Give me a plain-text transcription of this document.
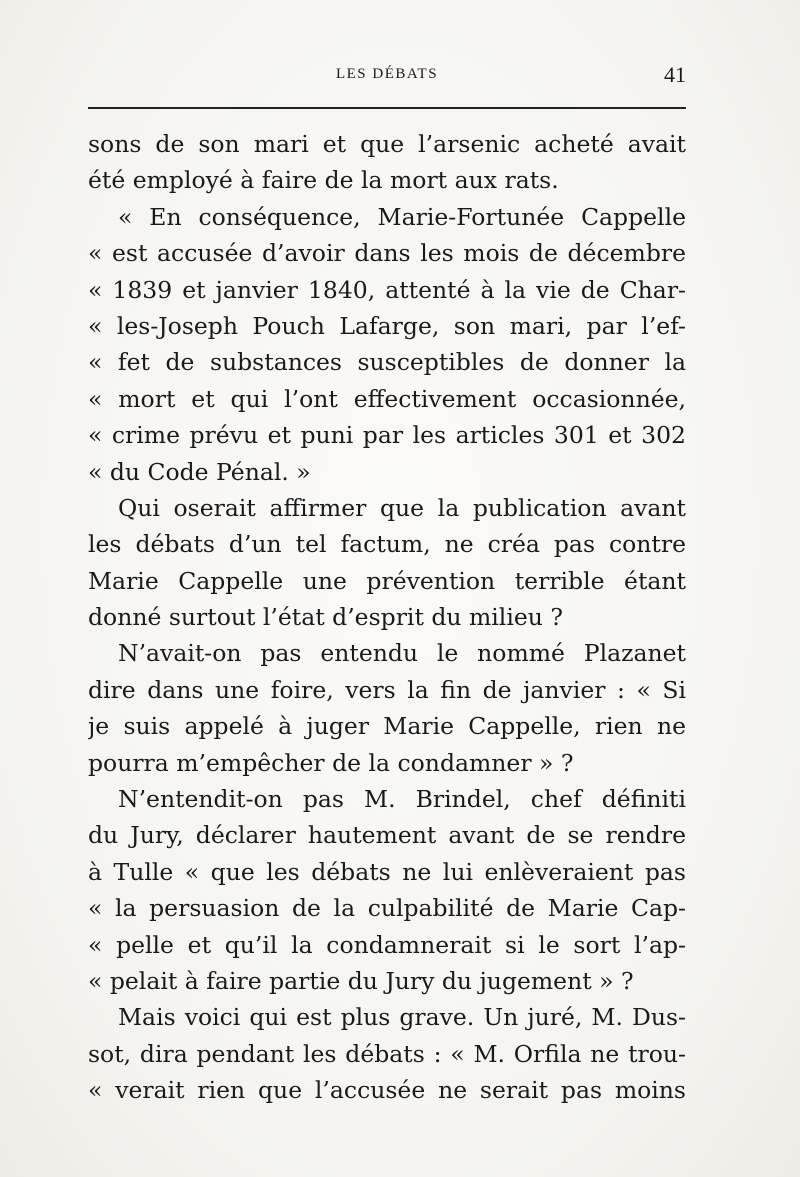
LES DÉBATS	41
sons de son mari et que l’arsenic acheté avait
été employé à faire de la mort aux rats.
« En conséquence, Marie-Fortunée Cappelle
« est accusée d’avoir dans les mois de décembre
« 1839 et janvier 1840, attenté à la vie de Char-
« les-Joseph Pouch Lafarge, son mari, par l’ef-
« fet de substances susceptibles de donner la
« mort et qui l’ont effectivement occasionnée,
« crime prévu et puni par les articles 301 et 302
« du Code Pénal. »
Qui oserait affirmer que la publication avant
les débats d’un tel factum, ne créa pas contre
Marie Cappelle une prévention terrible étant
donné surtout l’état d’esprit du milieu ?
N’avait-on pas entendu le nommé Plazanet
dire dans une foire, vers la fin de janvier : « Si
je suis appelé à juger Marie Cappelle, rien ne
pourra m’empêcher de la condamner » ?
N’entendit-on pas M. Brindel, chef définiti
du Jury, déclarer hautement avant de se rendre
à Tulle « que les débats ne lui enlèveraient pas
« la persuasion de la culpabilité de Marie Cap-
« pelle et qu’il la condamnerait si le sort l’ap-
« pelait à faire partie du Jury du jugement » ?
Mais voici qui est plus grave. Un juré, M. Dus-
sot, dira pendant les débats : « M. Orfila ne trou-
« verait rien que l’accusée ne serait pas moins
